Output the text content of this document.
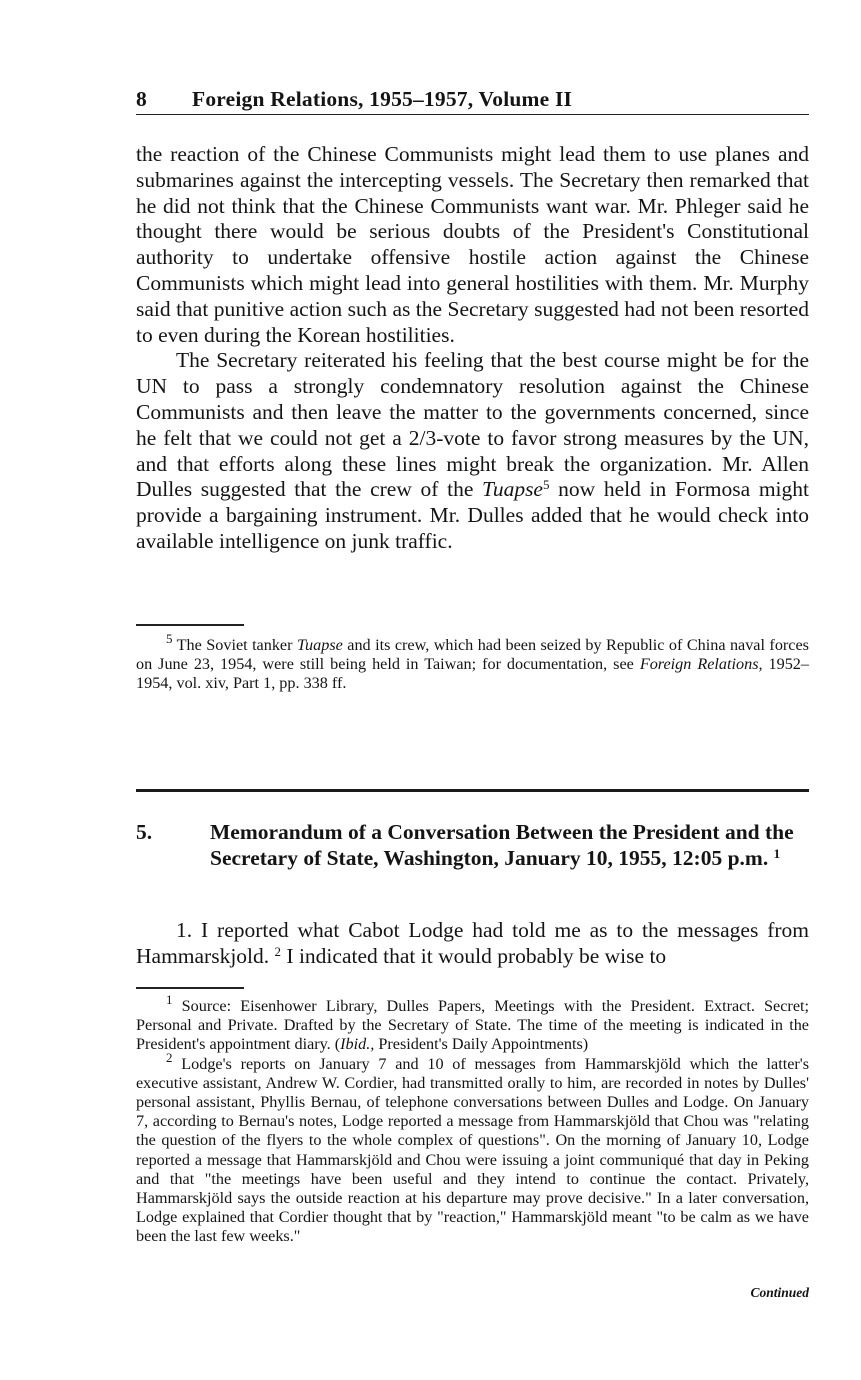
8 Foreign Relations, 1955–1957, Volume II

the reaction of the Chinese Communists might lead them to use planes and submarines against the intercepting vessels. The Secretary then remarked that he did not think that the Chinese Communists want war. Mr. Phleger said he thought there would be serious doubts of the President's Constitutional authority to undertake offensive hostile action against the Chinese Communists which might lead into general hostilities with them. Mr. Murphy said that punitive action such as the Secretary suggested had not been resorted to even during the Korean hostilities.

The Secretary reiterated his feeling that the best course might be for the UN to pass a strongly condemnatory resolution against the Chinese Communists and then leave the matter to the governments concerned, since he felt that we could not get a 2/3-vote to favor strong measures by the UN, and that efforts along these lines might break the organization. Mr. Allen Dulles suggested that the crew of the Tuapse$^5$ now held in Formosa might provide a bargaining instrument. Mr. Dulles added that he would check into available intelligence on junk traffic.

$^5$ The Soviet tanker Tuapse and its crew, which had been seized by Republic of China naval forces on June 23, 1954, were still being held in Taiwan; for documentation, see Foreign Relations, 1952–1954, vol. xiv, Part 1, pp. 338 ff.

5.	Memorandum of a Conversation Between the President and the Secretary of State, Washington, January 10, 1955, 12:05 p.m. $^1$

1. I reported what Cabot Lodge had told me as to the messages from Hammarskjold. $^2$ I indicated that it would probably be wise to

$^1$ Source: Eisenhower Library, Dulles Papers, Meetings with the President. Extract. Secret; Personal and Private. Drafted by the Secretary of State. The time of the meeting is indicated in the President's appointment diary. (Ibid., President's Daily Appointments)

$^2$ Lodge's reports on January 7 and 10 of messages from Hammarskjöld which the latter's executive assistant, Andrew W. Cordier, had transmitted orally to him, are recorded in notes by Dulles' personal assistant, Phyllis Bernau, of telephone conversations between Dulles and Lodge. On January 7, according to Bernau's notes, Lodge reported a message from Hammarskjöld that Chou was "relating the question of the flyers to the whole complex of questions". On the morning of January 10, Lodge reported a message that Hammarskjöld and Chou were issuing a joint communiqué that day in Peking and that "the meetings have been useful and they intend to continue the contact. Privately, Hammarskjöld says the outside reaction at his departure may prove decisive." In a later conversation, Lodge explained that Cordier thought that by "reaction," Hammarskjöld meant "to be calm as we have been the last few weeks."

Continued
